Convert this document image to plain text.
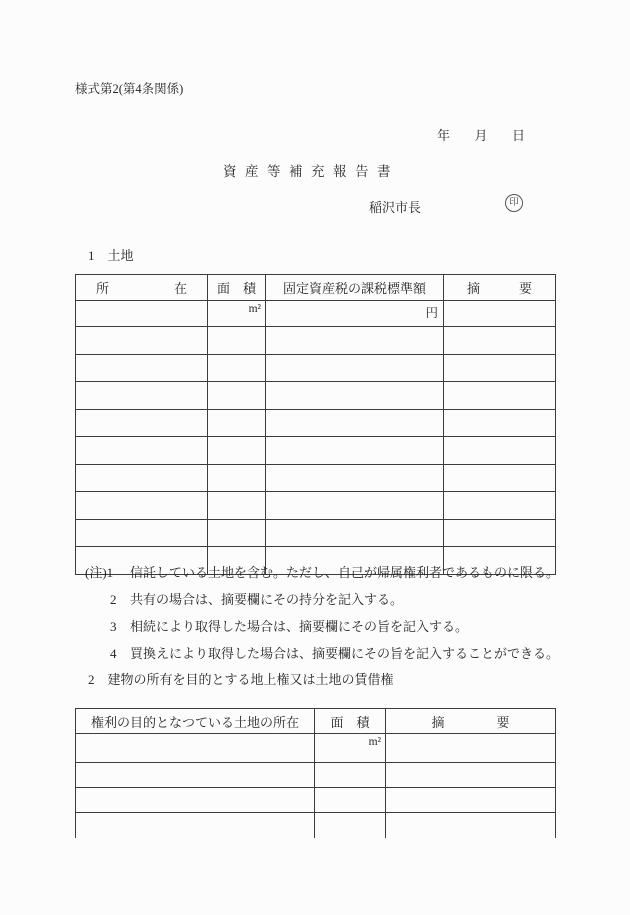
様式第2(第4条関係)
年 月 日
資産等補充報告書
稲沢市長	印
1　土地
所　　　　　在	面　積	固定資産税の課税標準額	摘　　　要
	m²	円	

(注)1	信託している土地を含む。ただし、自己が帰属権利者であるものに限る。
2	共有の場合は、摘要欄にその持分を記入する。
3	相続により取得した場合は、摘要欄にその旨を記入する。
4	買換えにより取得した場合は、摘要欄にその旨を記入することができる。
2　建物の所有を目的とする地上権又は土地の賃借権
権利の目的となつている土地の所在	面　積	摘　　　　要
	m²	
